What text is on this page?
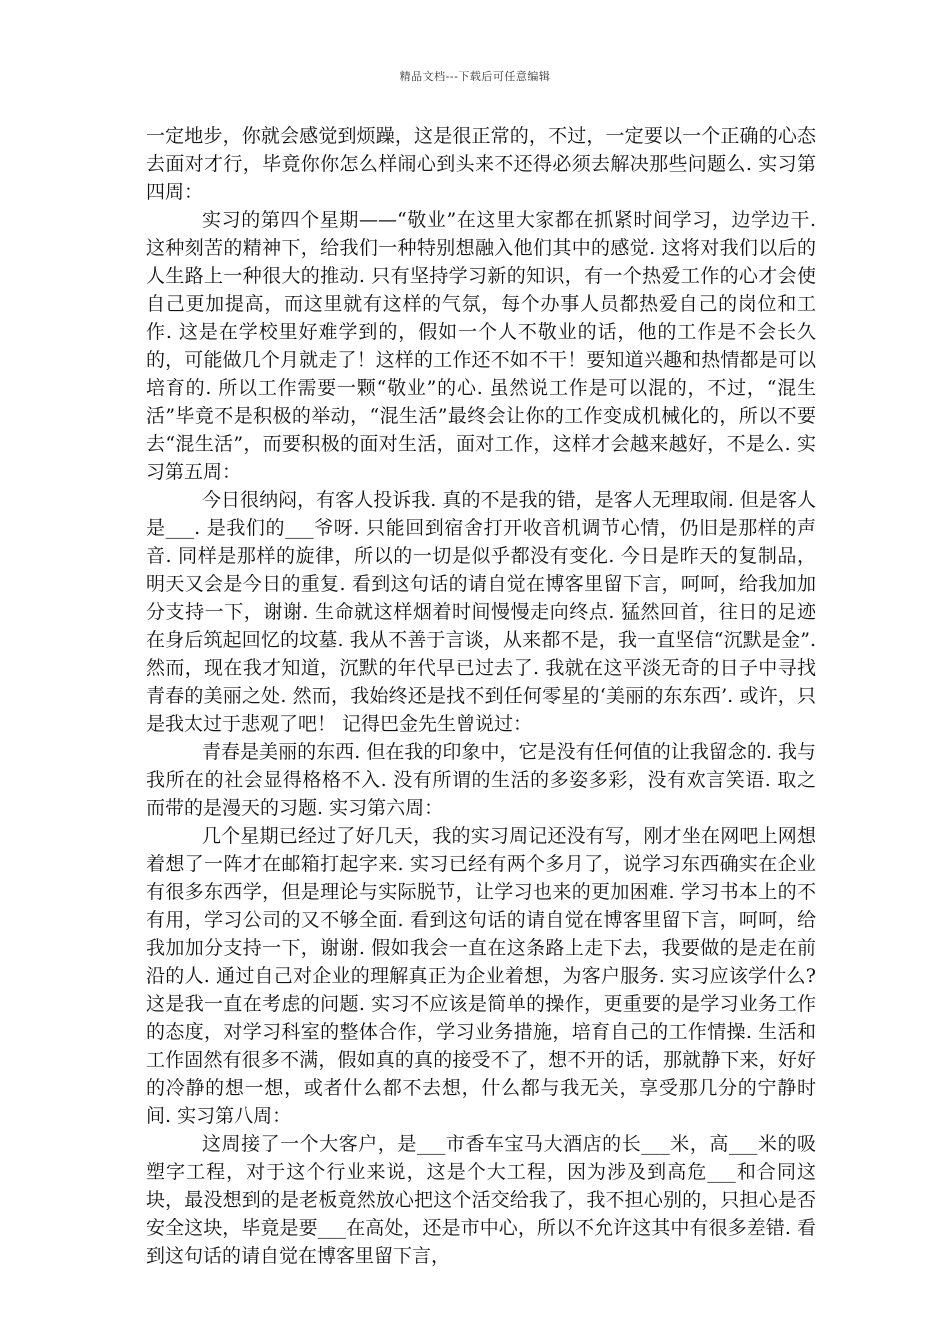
精品文档---下载后可任意编辑

一定地步，你就会感觉到烦躁，这是很正常的，不过，一定要以一个正确的心态去面对才行，毕竟你你怎么样闹心到头来不还得必须去解决那些问题么. 实习第四周：

实习的第四个星期——“敬业”在这里大家都在抓紧时间学习，边学边干. 这种刻苦的精神下，给我们一种特别想融入他们其中的感觉. 这将对我们以后的人生路上一种很大的推动. 只有坚持学习新的知识，有一个热爱工作的心才会使自己更加提高，而这里就有这样的气氛，每个办事人员都热爱自己的岗位和工作. 这是在学校里好难学到的，假如一个人不敬业的话，他的工作是不会长久的，可能做几个月就走了！这样的工作还不如不干！要知道兴趣和热情都是可以培育的. 所以工作需要一颗“敬业”的心. 虽然说工作是可以混的，不过，“混生活”毕竟不是积极的举动，“混生活”最终会让你的工作变成机械化的，所以不要去“混生活”，而要积极的面对生活，面对工作，这样才会越来越好，不是么. 实习第五周：

今日很纳闷，有客人投诉我. 真的不是我的错，是客人无理取闹. 但是客人是___. 是我们的___爷呀. 只能回到宿舍打开收音机调节心情，仍旧是那样的声音. 同样是那样的旋律，所以的一切是似乎都没有变化. 今日是昨天的复制品，明天又会是今日的重复. 看到这句话的请自觉在博客里留下言，呵呵，给我加加分支持一下，谢谢. 生命就这样烟着时间慢慢走向终点. 猛然回首，往日的足迹在身后筑起回忆的坟墓. 我从不善于言谈，从来都不是，我一直坚信“沉默是金”. 然而，现在我才知道，沉默的年代早已过去了. 我就在这平淡无奇的日子中寻找青春的美丽之处. 然而，我始终还是找不到任何零星的‘美丽的东东西’. 或许，只是我太过于悲观了吧！ 记得巴金先生曾说过：

青春是美丽的东西. 但在我的印象中，它是没有任何值的让我留念的. 我与我所在的社会显得格格不入. 没有所谓的生活的多姿多彩，没有欢言笑语. 取之而带的是漫天的习题. 实习第六周：

几个星期已经过了好几天，我的实习周记还没有写，刚才坐在网吧上网想着想了一阵才在邮箱打起字来. 实习已经有两个多月了，说学习东西确实在企业有很多东西学，但是理论与实际脱节，让学习也来的更加困难. 学习书本上的不有用，学习公司的又不够全面. 看到这句话的请自觉在博客里留下言，呵呵，给我加加分支持一下，谢谢. 假如我会一直在这条路上走下去，我要做的是走在前沿的人. 通过自己对企业的理解真正为企业着想，为客户服务. 实习应该学什么?这是我一直在考虑的问题. 实习不应该是简单的操作，更重要的是学习业务工作的态度，对学习科室的整体合作，学习业务措施，培育自己的工作情操. 生活和工作固然有很多不满，假如真的真的接受不了，想不开的话，那就静下来，好好的冷静的想一想，或者什么都不去想，什么都与我无关，享受那几分的宁静时间. 实习第八周：

这周接了一个大客户，是___市香车宝马大酒店的长___米，高___米的吸塑字工程，对于这个行业来说，这是个大工程，因为涉及到高危___和合同这块，最没想到的是老板竟然放心把这个活交给我了，我不担心别的，只担心是否安全这块，毕竟是要___在高处，还是市中心，所以不允许这其中有很多差错. 看到这句话的请自觉在博客里留下言，
